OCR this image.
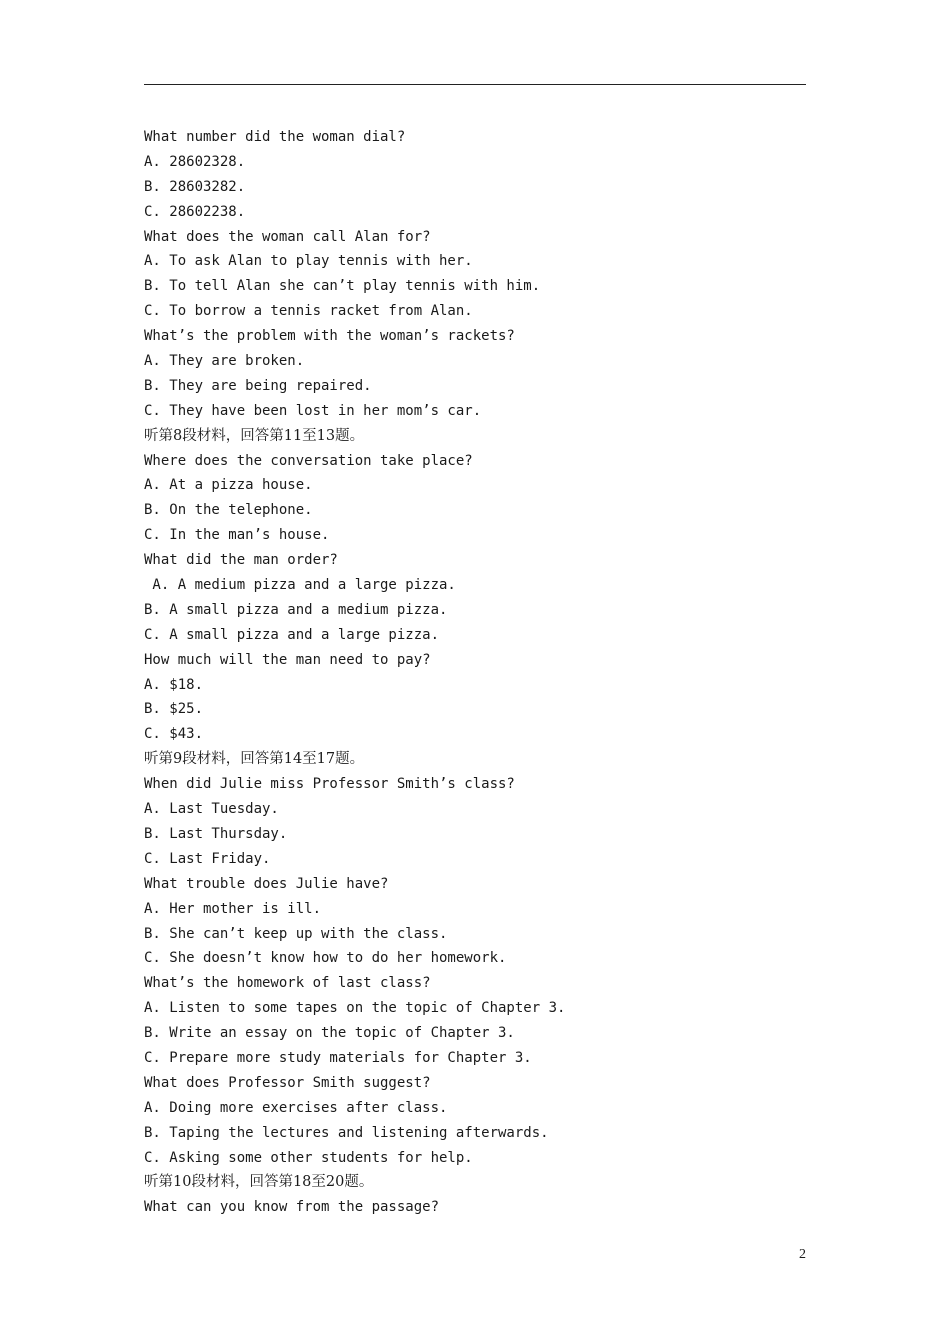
What number did the woman dial?
A. 28602328.
B. 28603282.
C. 28602238.
What does the woman call Alan for?
A. To ask Alan to play tennis with her.
B. To tell Alan she can’t play tennis with him.
C. To borrow a tennis racket from Alan.
What’s the problem with the woman’s rackets?
A. They are broken.
B. They are being repaired.
C. They have been lost in her mom’s car.
听第8段材料，回答第11至13题。
Where does the conversation take place?
A. At a pizza house.
B. On the telephone.
C. In the man’s house.
What did the man order?
A. A medium pizza and a large pizza.
B. A small pizza and a medium pizza.
C. A small pizza and a large pizza.
How much will the man need to pay?
A. $18.
B. $25.
C. $43.
听第9段材料，回答第14至17题。
When did Julie miss Professor Smith’s class?
A. Last Tuesday.
B. Last Thursday.
C. Last Friday.
What trouble does Julie have?
A. Her mother is ill.
B. She can’t keep up with the class.
C. She doesn’t know how to do her homework.
What’s the homework of last class?
A. Listen to some tapes on the topic of Chapter 3.
B. Write an essay on the topic of Chapter 3.
C. Prepare more study materials for Chapter 3.
What does Professor Smith suggest?
A. Doing more exercises after class.
B. Taping the lectures and listening afterwards.
C. Asking some other students for help.
听第10段材料，回答第18至20题。
What can you know from the passage?
2
